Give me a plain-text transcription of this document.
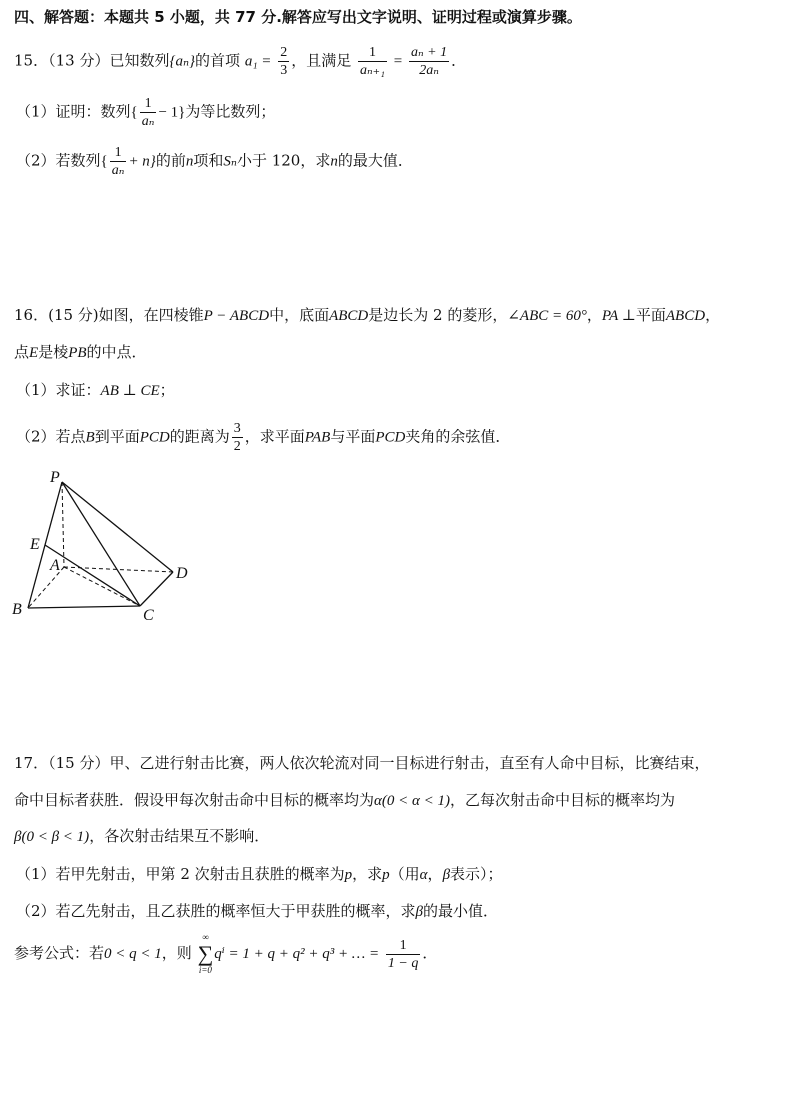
四、解答题：本题共 5 小题，共 77 分.解答应写出文字说明、证明过程或演算步骤。
15．（13 分）已知数列{aₙ}的首项 $a_1 = \frac{2}{3}$ ，且满足 $\frac{1}{\text{aₙ₊₁}} = \frac{\text{aₙ + 1}}{\text{2aₙ}}$ ．
（1）证明：数列{ $\frac{1}{\text{aₙ}} - 1$}为等比数列；
（2）若数列{ $\frac{1}{\text{aₙ}} + n$}的前n项和Sₙ小于 120，求n的最大值．
16．(15 分)如图，在四棱锥P − ABCD中，底面ABCD是边长为 2 的菱形，∠ABC = 60°，PA ⊥平面ABCD，
点E是棱PB的中点．
（1）求证：AB ⊥ CE；
（2）若点B到平面PCD的距离为 $\frac{3}{2}$ ，求平面PAB与平面PCD夹角的余弦值．
P
E
A
B	C
D
17．（15 分）甲、乙进行射击比赛，两人依次轮流对同一目标进行射击，直至有人命中目标，比赛结束，
命中目标者获胜．假设甲每次射击命中目标的概率均为α(0 < α < 1)，乙每次射击命中目标的概率均为
β(0 < β < 1)，各次射击结果互不影响．
（1）若甲先射击，甲第 2 次射击且获胜的概率为p，求p（用α，β表示）；
（2）若乙先射击，且乙获胜的概率恒大于甲获胜的概率，求β的最小值．
参考公式：若0 < q < 1，则
∞
∑
i=0
qⁱ = 1 + q + q² + q³ + … = $\frac{1}{1 - q}$ ．
